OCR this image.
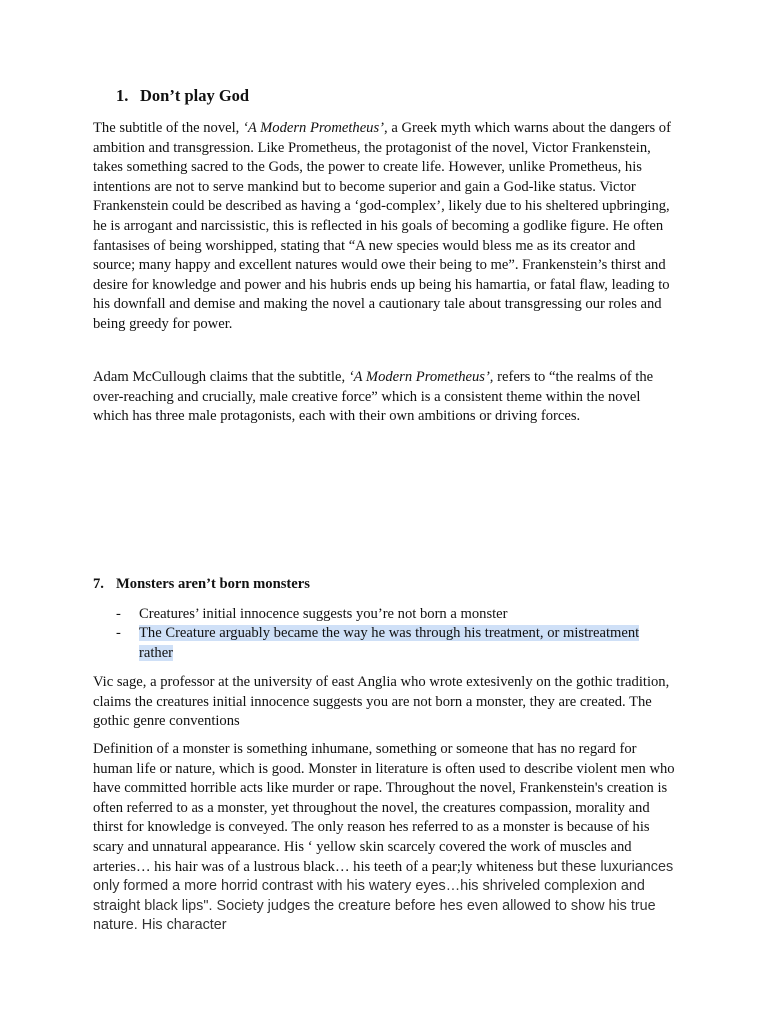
1. Don’t play God

The subtitle of the novel, ‘A Modern Prometheus’, a Greek myth which warns about the dangers of ambition and transgression. Like Prometheus, the protagonist of the novel, Victor Frankenstein, takes something sacred to the Gods, the power to create life. However, unlike Prometheus, his intentions are not to serve mankind but to become superior and gain a God-like status. Victor Frankenstein could be described as having a ‘god-complex’, likely due to his sheltered upbringing, he is arrogant and narcissistic, this is reflected in his goals of becoming a godlike figure. He often fantasises of being worshipped, stating that “A new species would bless me as its creator and source; many happy and excellent natures would owe their being to me”. Frankenstein’s thirst and desire for knowledge and power and his hubris ends up being his hamartia, or fatal flaw, leading to his downfall and demise and making the novel a cautionary tale about transgressing our roles and being greedy for power.

Adam McCullough claims that the subtitle, ‘A Modern Prometheus’, refers to “the realms of the over-reaching and crucially, male creative force” which is a consistent theme within the novel which has three male protagonists, each with their own ambitions or driving forces.

7. Monsters aren’t born monsters
- Creatures’ initial innocence suggests you’re not born a monster
- The Creature arguably became the way he was through his treatment, or mistreatment rather

Vic sage, a professor at the university of east Anglia who wrote extesivenly on the gothic tradition, claims the creatures initial innocence suggests you are not born a monster, they are created. The gothic genre conventions

Definition of a monster is something inhumane, something or someone that has no regard for human life or nature, which is good. Monster in literature is often used to describe violent men who have committed horrible acts like murder or rape. Throughout the novel, Frankenstein's creation is often referred to as a monster, yet throughout the novel, the creatures compassion, morality and thirst for knowledge is conveyed. The only reason hes referred to as a monster is because of his scary and unnatural appearance. His ‘ yellow skin scarcely covered the work of muscles and arteries… his hair was of a lustrous black… his teeth of a pear;ly whiteness but these luxuriances only formed a more horrid contrast with his watery eyes…his shriveled complexion and straight black lips". Society judges the creature before hes even allowed to show his true nature. His character
